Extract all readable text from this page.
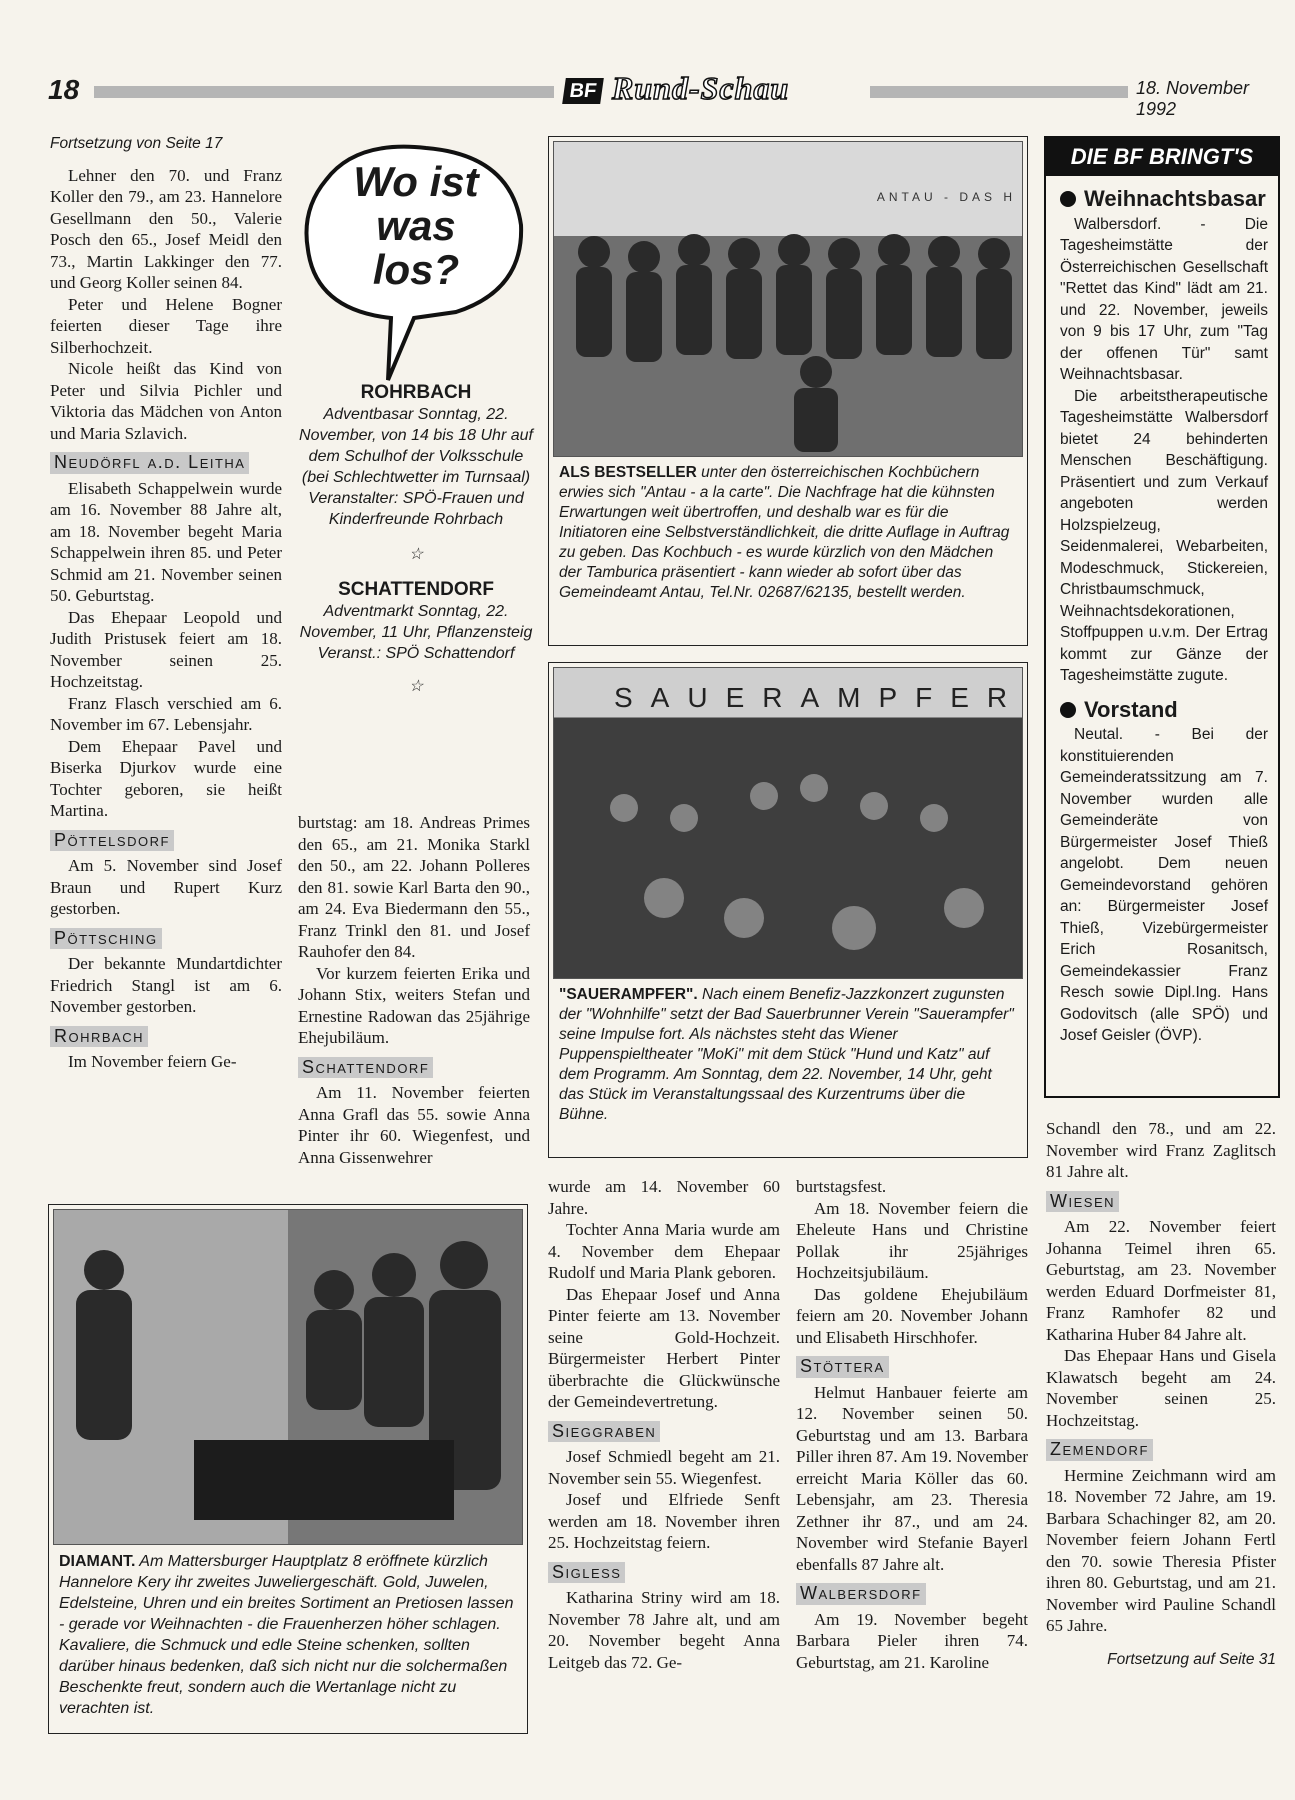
18	BF Rund-Schau	18. November 1992
Fortsetzung von Seite 17

Lehner den 70. und Franz Koller den 79., am 23. Hannelore Gesellmann den 50., Valerie Posch den 65., Josef Meidl den 73., Martin Lakkinger den 77. und Georg Koller seinen 84.

Peter und Helene Bogner feierten dieser Tage ihre Silberhochzeit.

Nicole heißt das Kind von Peter und Silvia Pichler und Viktoria das Mädchen von Anton und Maria Szlavich.

Neudörfl a.d. Leitha

Elisabeth Schappelwein wurde am 16. November 88 Jahre alt, am 18. November begeht Maria Schappelwein ihren 85. und Peter Schmid am 21. November seinen 50. Geburtstag.

Das Ehepaar Leopold und Judith Pristusek feiert am 18. November seinen 25. Hochzeitstag.

Franz Flasch verschied am 6. November im 67. Lebensjahr.

Dem Ehepaar Pavel und Biserka Djurkov wurde eine Tochter geboren, sie heißt Martina.

Pöttelsdorf

Am 5. November sind Josef Braun und Rupert Kurz gestorben.

Pöttsching

Der bekannte Mundartdichter Friedrich Stangl ist am 6. November gestorben.

Rohrbach

Im November feiern Ge-

Wo ist was los?

ROHRBACH

Adventbasar Sonntag, 22. November, von 14 bis 18 Uhr auf dem Schulhof der Volksschule (bei Schlechtwetter im Turnsaal) Veranstalter: SPÖ-Frauen und Kinderfreunde Rohrbach

☆

SCHATTENDORF

Adventmarkt Sonntag, 22. November, 11 Uhr, Pflanzensteig Veranst.: SPÖ Schattendorf

☆

burtstag: am 18. Andreas Primes den 65., am 21. Monika Starkl den 50., am 22. Johann Polleres den 81. sowie Karl Barta den 90., am 24. Eva Biedermann den 55., Franz Trinkl den 81. und Josef Rauhofer den 84.

Vor kurzem feierten Erika und Johann Stix, weiters Stefan und Ernestine Radowan das 25jährige Ehejubiläum.

Schattendorf

Am 11. November feierten Anna Grafl das 55. sowie Anna Pinter ihr 60. Wiegenfest, und Anna Gissenwehrer

ANTAU - DAS H
ALS BESTSELLER unter den österreichischen Kochbüchern erwies sich "Antau - a la carte". Die Nachfrage hat die kühnsten Erwartungen weit übertroffen, und deshalb war es für die Initiatoren eine Selbstverständlichkeit, die dritte Auflage in Auftrag zu geben. Das Kochbuch - es wurde kürzlich von den Mädchen der Tamburica präsentiert - kann wieder ab sofort über das Gemeindeamt Antau, Tel.Nr. 02687/62135, bestellt werden.
SAUERAMPFER
"SAUERAMPFER". Nach einem Benefiz-Jazzkonzert zugunsten der "Wohnhilfe" setzt der Bad Sauerbrunner Verein "Sauerampfer" seine Impulse fort. Als nächstes steht das Wiener Puppenspieltheater "MoKi" mit dem Stück "Hund und Katz" auf dem Programm. Am Sonntag, dem 22. November, 14 Uhr, geht das Stück im Veranstaltungssaal des Kurzentrums über die Bühne.
DIAMANT. Am Mattersburger Hauptplatz 8 eröffnete kürzlich Hannelore Kery ihr zweites Juweliergeschäft. Gold, Juwelen, Edelsteine, Uhren und ein breites Sortiment an Pretiosen lassen - gerade vor Weihnachten - die Frauenherzen höher schlagen. Kavaliere, die Schmuck und edle Steine schenken, sollten darüber hinaus bedenken, daß sich nicht nur die solchermaßen Beschenkte freut, sondern auch die Wertanlage nicht zu verachten ist.

wurde am 14. November 60 Jahre.

Tochter Anna Maria wurde am 4. November dem Ehepaar Rudolf und Maria Plank geboren.

Das Ehepaar Josef und Anna Pinter feierte am 13. November seine Gold-Hochzeit. Bürgermeister Herbert Pinter überbrachte die Glückwünsche der Gemeindevertretung.

Sieggraben

Josef Schmiedl begeht am 21. November sein 55. Wiegenfest.

Josef und Elfriede Senft werden am 18. November ihren 25. Hochzeitstag feiern.

Sigless

Katharina Striny wird am 18. November 78 Jahre alt, und am 20. November begeht Anna Leitgeb das 72. Ge-

burtstagsfest.

Am 18. November feiern die Eheleute Hans und Christine Pollak ihr 25jähriges Hochzeitsjubiläum.

Das goldene Ehejubiläum feiern am 20. November Johann und Elisabeth Hirschhofer.

Stöttera

Helmut Hanbauer feierte am 12. November seinen 50. Geburtstag und am 13. Barbara Piller ihren 87. Am 19. November erreicht Maria Köller das 60. Lebensjahr, am 23. Theresia Zethner ihr 87., und am 24. November wird Stefanie Bayerl ebenfalls 87 Jahre alt.

Walbersdorf

Am 19. November begeht Barbara Pieler ihren 74. Geburtstag, am 21. Karoline

DIE BF BRINGT'S
Weihnachtsbasar

Walbersdorf. - Die Tagesheimstätte der Österreichischen Gesellschaft "Rettet das Kind" lädt am 21. und 22. November, jeweils von 9 bis 17 Uhr, zum "Tag der offenen Tür" samt Weihnachtsbasar.

Die arbeitstherapeutische Tagesheimstätte Walbersdorf bietet 24 behinderten Menschen Beschäftigung. Präsentiert und zum Verkauf angeboten werden Holzspielzeug, Seidenmalerei, Webarbeiten, Modeschmuck, Stickereien, Christbaumschmuck, Weihnachtsdekorationen, Stoffpuppen u.v.m. Der Ertrag kommt zur Gänze der Tagesheimstätte zugute.

Vorstand

Neutal. - Bei der konstituierenden Gemeinderatssitzung am 7. November wurden alle Gemeinderäte von Bürgermeister Josef Thieß angelobt. Dem neuen Gemeindevorstand gehören an: Bürgermeister Josef Thieß, Vizebürgermeister Erich Rosanitsch, Gemeindekassier Franz Resch sowie Dipl.Ing. Hans Godovitsch (alle SPÖ) und Josef Geisler (ÖVP).

Schandl den 78., und am 22. November wird Franz Zaglitsch 81 Jahre alt.

Wiesen

Am 22. November feiert Johanna Teimel ihren 65. Geburtstag, am 23. November werden Eduard Dorfmeister 81, Franz Ramhofer 82 und Katharina Huber 84 Jahre alt.

Das Ehepaar Hans und Gisela Klawatsch begeht am 24. November seinen 25. Hochzeitstag.

Zemendorf

Hermine Zeichmann wird am 18. November 72 Jahre, am 19. Barbara Schachinger 82, am 20. November feiern Johann Fertl den 70. sowie Theresia Pfister ihren 80. Geburtstag, und am 21. November wird Pauline Schandl 65 Jahre.

Fortsetzung auf Seite 31
